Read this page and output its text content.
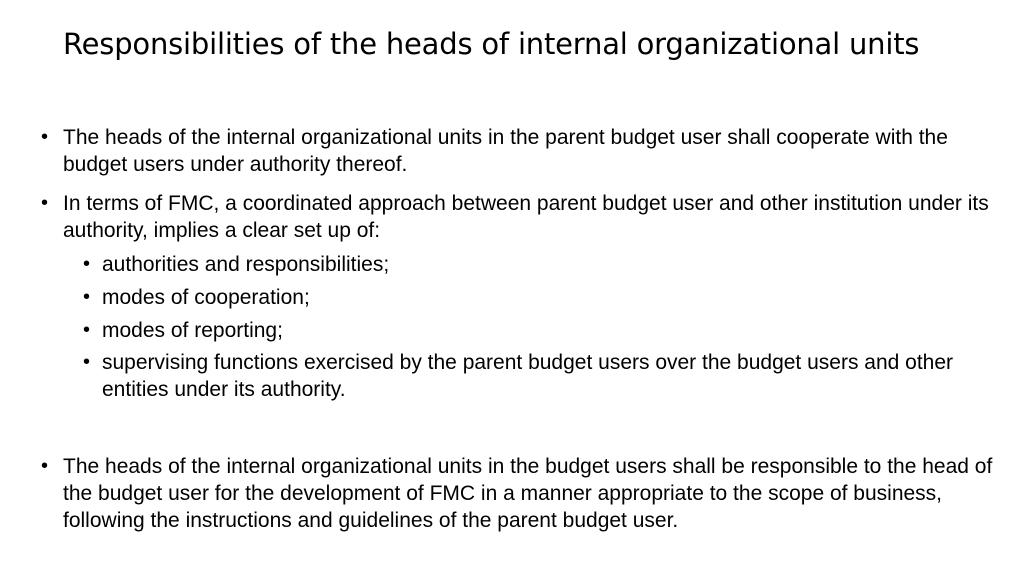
Responsibilities of the heads of internal organizational units

• The heads of the internal organizational units in the parent budget user shall cooperate with the budget users under authority thereof.

• In terms of FMC, a coordinated approach between parent budget user and other institution under its authority, implies a clear set up of:

• authorities and responsibilities;

• modes of cooperation;

• modes of reporting;

• supervising functions exercised by the parent budget users over the budget users and other entities under its authority.

• The heads of the internal organizational units in the budget users shall be responsible to the head of the budget user for the development of FMC in a manner appropriate to the scope of business, following the instructions and guidelines of the parent budget user.
